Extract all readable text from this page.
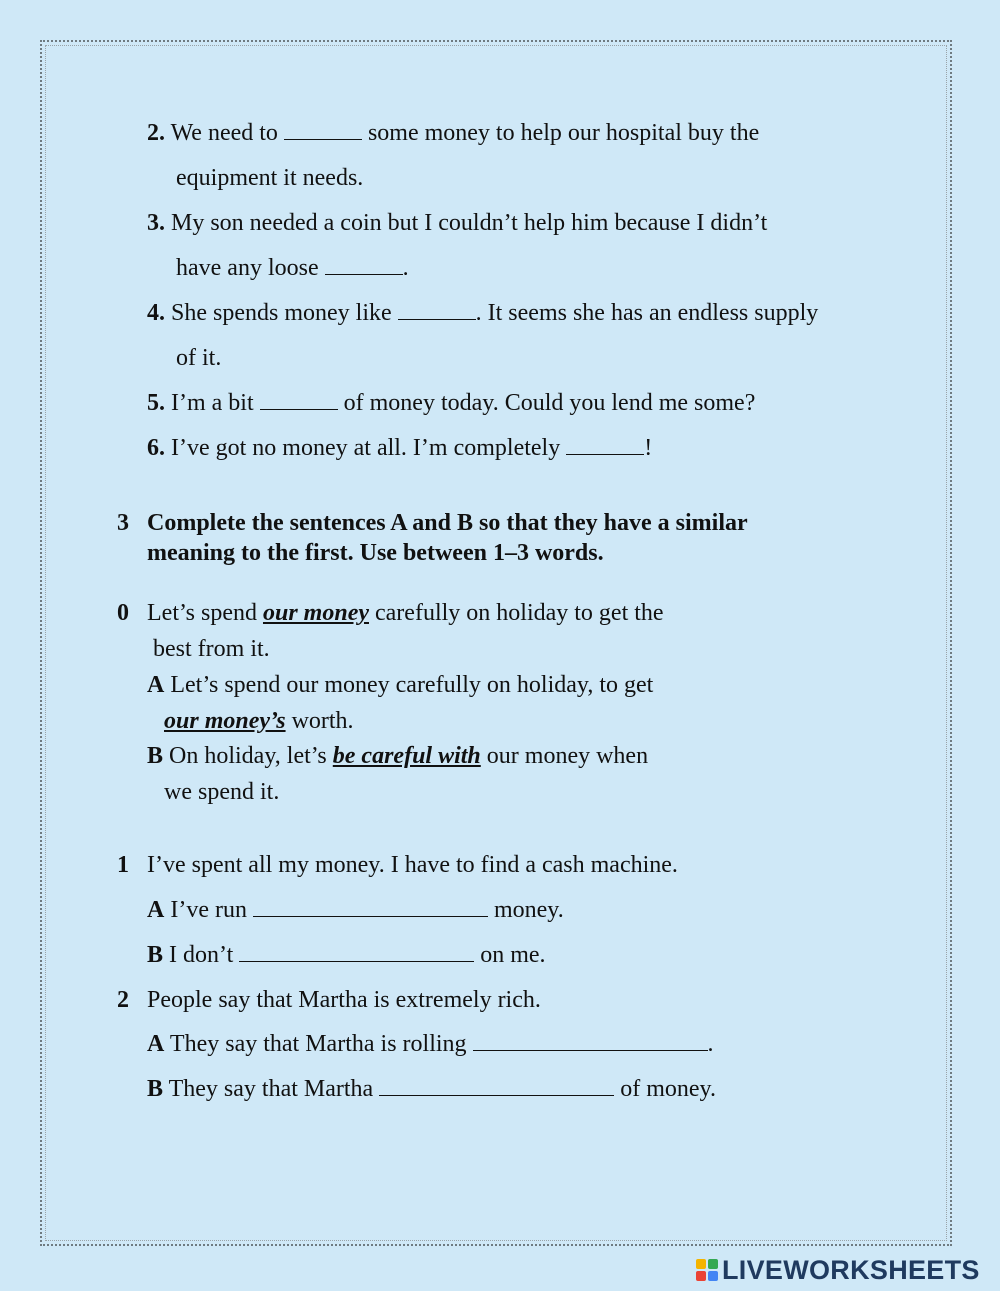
2. We need to	some money to help our hospital buy the
equipment it needs.
3. My son needed a coin but I couldn’t help him because I didn’t
have any loose	.
4. She spends money like	. It seems she has an endless supply
of it.
5. I’m a bit	of money today. Could you lend me some?
6. I’ve got no money at all. I’m completely	!
3 Complete the sentences A and B so that they have a similar
meaning to the first. Use between 1–3 words.
0 Let’s spend our money carefully on holiday to get the
best from it.
A Let’s spend our money carefully on holiday, to get
our money’s worth.
B On holiday, let’s be careful with our money when
we spend it.
1 I’ve spent all my money. I have to find a cash machine.
A I’ve run	money.
B I don’t	on me.
2 People say that Martha is extremely rich.
A They say that Martha is rolling	.
B They say that Martha	of money.
LIVEWORKSHEETS
